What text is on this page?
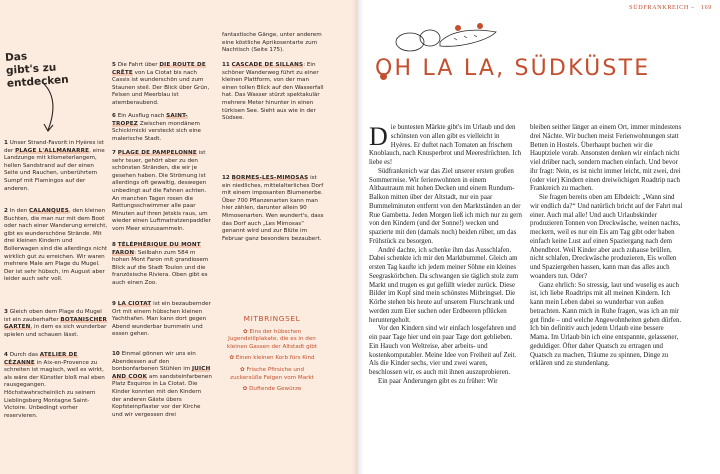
Das gibt's zu entdecken

1 Unser Strand-Favorit in Hyères ist der PLAGE L'ALLMANARRE, eine Landzunge mit kilometerlangem, hellen Sandstrand auf der einen Seite und Rauchen, unberührtem Sumpf mit Flamingos auf der anderen.

2 In den CALANQUES, den kleinen Buchten, die man nur mit dem Boot oder nach einer Wanderung erreicht, gibt es wunderschöne Strände. Mit drei kleinen Kindern und Bollerwagen sind die allerdings nicht wirklich gut zu erreichen. Wir waren mehrere Male am Plage du Mugel. Der ist sehr hübsch, im August aber leider auch sehr voll.

3 Gleich oben dem Plage du Mugel ist ein zauberhafter BOTANISCHER GARTEN, in dem es sich wunderbar spielen und schauen lässt.

4 Durch das ATELIER DE CÉZANNE in Aix-en-Provence zu schreiten ist magisch, weil es wirkt, als wäre der Künstler bloß mal eben rausgegangen. Höchstwahrscheinlich zu seinem Lieblingsberg Montagne Saint-Victoire. Unbedingt vorher reservieren.

5 Die Fahrt über DIE ROUTE DE CRÊTE von La Ciotat bis nach Cassis ist wunderschön und zum Staunen steil. Der Blick über Grün, Felsen und Meerblau ist atemberaubend.

6 Ein Ausflug nach SAINT-TROPEZ Zwischen mondänem Schickimicki versteckt sich eine malerische Stadt.

7 PLAGE DE PAMPELONNE ist sehr teuer, gehört aber zu den schönsten Stränden, die wir je gesehen haben. Die Strömung ist allerdings oft gewaltig, deswegen unbedingt auf die Fahnen achten. An manchen Tagen rosen die Rettungsschwimmer alle paar Minuten auf ihren Jetskis raus, um wieder einen Luftmatratzenpaddler vom Meer einzusammeln.

8 TÉLÉPHÉRIQUE DU MONT FARON: Seilbahn zum 584 m hohen Mont Faron mit grandiosem Blick auf die Stadt Toulon und die französische Riviera. Oben gibt es auch einen Zoo.

9 LA CIOTAT ist ein bezaubernder Ort mit einem hübschen kleinen Yachthafen. Man kann dort gegen Abend wunderbar bummeln und essen gehen.

10 Einmal gönnen wir uns ein Abendessen auf den bonbonfarbenen Stühlen im JUICH AND COOK am sandsteinfarbenen Platz Esquiros in La Ciotat. Die Kinder konnten mit den Kindern der anderen Gäste übers Kopfsteinpflaster vor der Kirche und wir vergessen drei

fantastische Gänge, unter anderem eine köstliche Aprikosentarte zum Nachtisch (Seite 175).

11 CASCADE DE SILLANS: Ein schöner Wanderweg führt zu einer kleinen Plattform, von der man einen tollen Blick auf den Wasserfall hat. Das Wasser stürzt spektakulär mehrere Meter hinunter in einen türkisen See. Sieht aus wie in der Südsee.

12 BORMES-LES-MIMOSAS ist ein niedliches, mittelalterliches Dorf mit einem imposanten Blumenerbe. Über 700 Pflanzenarten kann man hier zählen, darunter allein 90 Mimosenarten. Wen wundert's, dass das Dorf auch „Les Mimosas“ genannt wird und zur Blüte im Februar ganz besonders bezaubert.

MITBRINGSEL

✿ Eins der hübschen Jugendstilplakate, die es in den kleinen Gassen der Altstadt gibt

✿ Einen kleinen Korb fürs Kind

✿ Frische Pfirsiche und zuckersüße Feigen vom Markt

✿ Duftende Gewürze

SÜDFRANKREICH – 169
OH LA LA, SÜDKÜSTE

Die buntesten Märkte gibt's im Urlaub und den schönsten von allen gibt es vielleicht in Hyères. Er duftet nach Tomaten an frischem Knoblauch, nach Knusperbrot und Meeresfrüchten. Ich liebe es!

Südfrankreich war das Ziel unserer ersten großen Sommerreise. Wir ferienwohnten in einem Altbautraum mit hohen Decken und einem Rundum-Balkon mitten über der Altstadt, nur ein paar Bummelminuten entfernt von den Marktständen an der Rue Gambetta. Jeden Morgen ließ ich mich nur zu gern von den Kindern (und der Sonne!) wecken und spazierte mit den (damals noch) beiden rüber, um das Frühstück zu besorgen.

André dachte, ich schenke ihm das Ausschlafen. Dabei schenkte ich mir den Marktbummel. Gleich am ersten Tag kaufte ich jedem meiner Söhne ein kleines Seegraskörbchen. Da schwangen sie täglich stolz zum Markt und trugen es gut gefüllt wieder zurück. Diese Bilder im Kopf sind mein schönstes Mitbringsel. Die Körbe stehen bis heute auf unserem Flurschrank und werden zum Eier suchen oder Erdbeeren pflücken heruntergeholt.

Vor den Kindern sind wir einfach losgefahren und ein paar Tage hier und ein paar Tage dort geblieben. Ein Hauch von Weltreise, aber arbeits- und kostenkomputabler. Meine Idee von Freiheit auf Zeit. Als die Kinder sechs, vier und zwei waren, beschlossen wir, es auch mit ihnen auszuprobieren.

Ein paar Änderungen gibt es zu früher: Wir

bleiben seither länger an einem Ort, immer mindestens drei Nächte. Wir buchen meist Ferienwohnungen statt Betten in Hostels. Überhaupt buchen wir die Hauptziele vorab. Ansonsten denken wir einfach nicht viel drüber nach, sondern machen einfach. Und bevor ihr fragt: Nein, es ist nicht immer leicht, mit zwei, drei (oder vier) Kindern einen dreiwöchigen Roadtrip nach Frankreich zu machen.

Sie fragen bereits oben am Elbdeich: „Wann sind wir endlich da?“ Und natürlich bricht auf der Fahrt mal einer. Auch mal alle! Und auch Urlaubskinder produzieren Tonnen von Dreckwäsche, weinen nachts, meckern, weil es nur ein Eis am Tag gibt oder haben einfach keine Lust auf einen Spaziergang nach dem Abendbrot. Weil Kinder aber auch zuhause brüllen, nicht schlafen, Dreckwäsche produzieren, Eis wollen und Spaziergehen hassen, kann man das alles auch woanders tun. Oder?

Ganz ehrlich: So stressig, laut und wuselig es auch ist, ich liebe Roadtrips mit all meinen Kindern. Ich kann mein Leben dabei so wunderbar von außen betrachten. Kann mich in Ruhe fragen, was ich an mir gut finde – und welche Angewohnheiten gehen dürfen. Ich bin definitiv auch jedem Urlaub eine bessere Mama. Im Urlaub bin ich eine entspannte, gelassener, geduldiger. Öfter daher Quatsch zu ertragen und Quatsch zu machen, Träume zu spinnen, Dinge zu erklären und zu stundenlang.
